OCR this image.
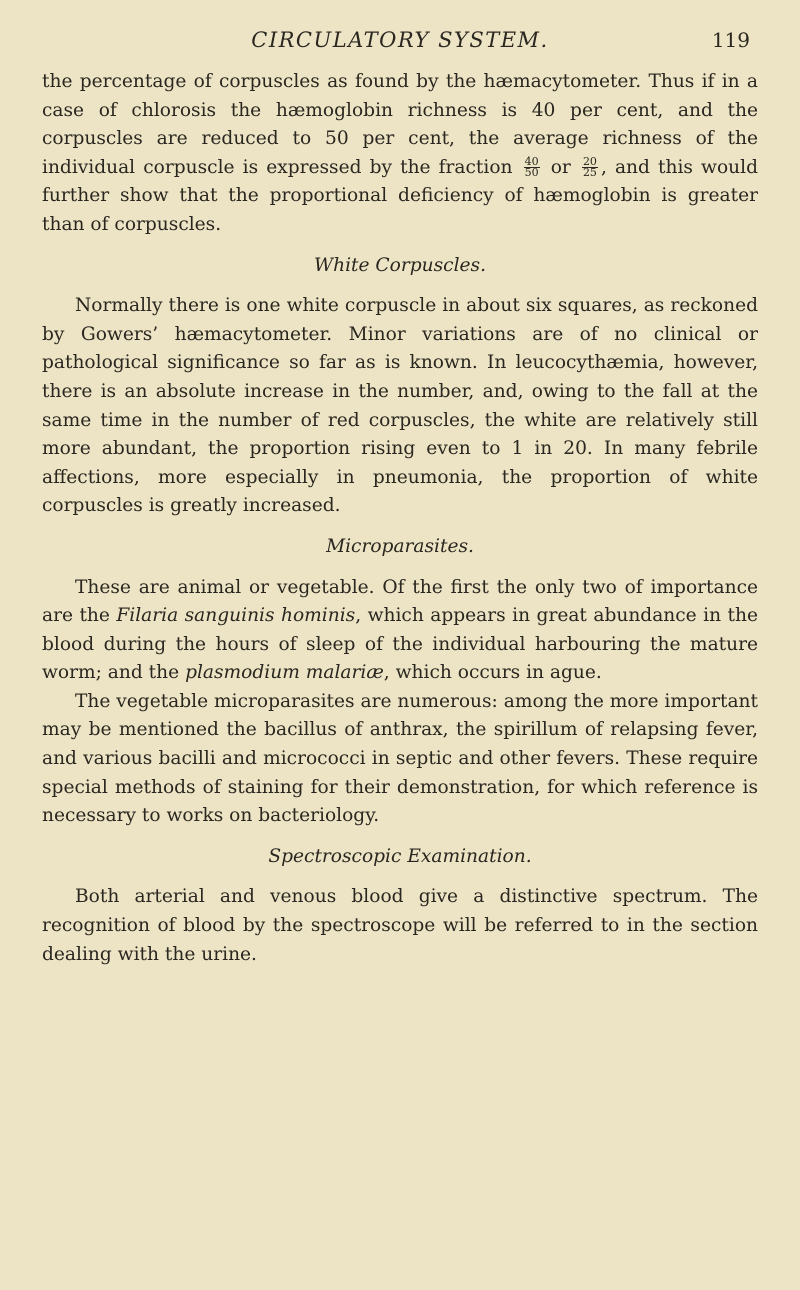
CIRCULATORY SYSTEM.	119

the percentage of corpuscles as found by the hæmacytometer. Thus if in a case of chlorosis the hæmoglobin richness is 40 per cent, and the corpuscles are reduced to 50 per cent, the average richness of the individual corpuscle is expressed by the fraction $\frac{40}{50}$ or $\frac{20}{25}$ , and this would further show that the proportional deficiency of hæmoglobin is greater than of corpuscles.

White Corpuscles.

Normally there is one white corpuscle in about six squares, as reckoned by Gowers’ hæmacytometer. Minor variations are of no clinical or pathological significance so far as is known. In leucocythæmia, however, there is an absolute increase in the number, and, owing to the fall at the same time in the number of red corpuscles, the white are relatively still more abundant, the proportion rising even to 1 in 20. In many febrile affections, more especially in pneumonia, the proportion of white corpuscles is greatly increased.

Microparasites.

These are animal or vegetable. Of the first the only two of importance are the Filaria sanguinis hominis, which appears in great abundance in the blood during the hours of sleep of the individual harbouring the mature worm; and the plasmodium malariæ, which occurs in ague.

The vegetable microparasites are numerous: among the more important may be mentioned the bacillus of anthrax, the spirillum of relapsing fever, and various bacilli and micrococci in septic and other fevers. These require special methods of staining for their demonstration, for which reference is necessary to works on bacteriology.

Spectroscopic Examination.

Both arterial and venous blood give a distinctive spectrum. The recognition of blood by the spectroscope will be referred to in the section dealing with the urine.
